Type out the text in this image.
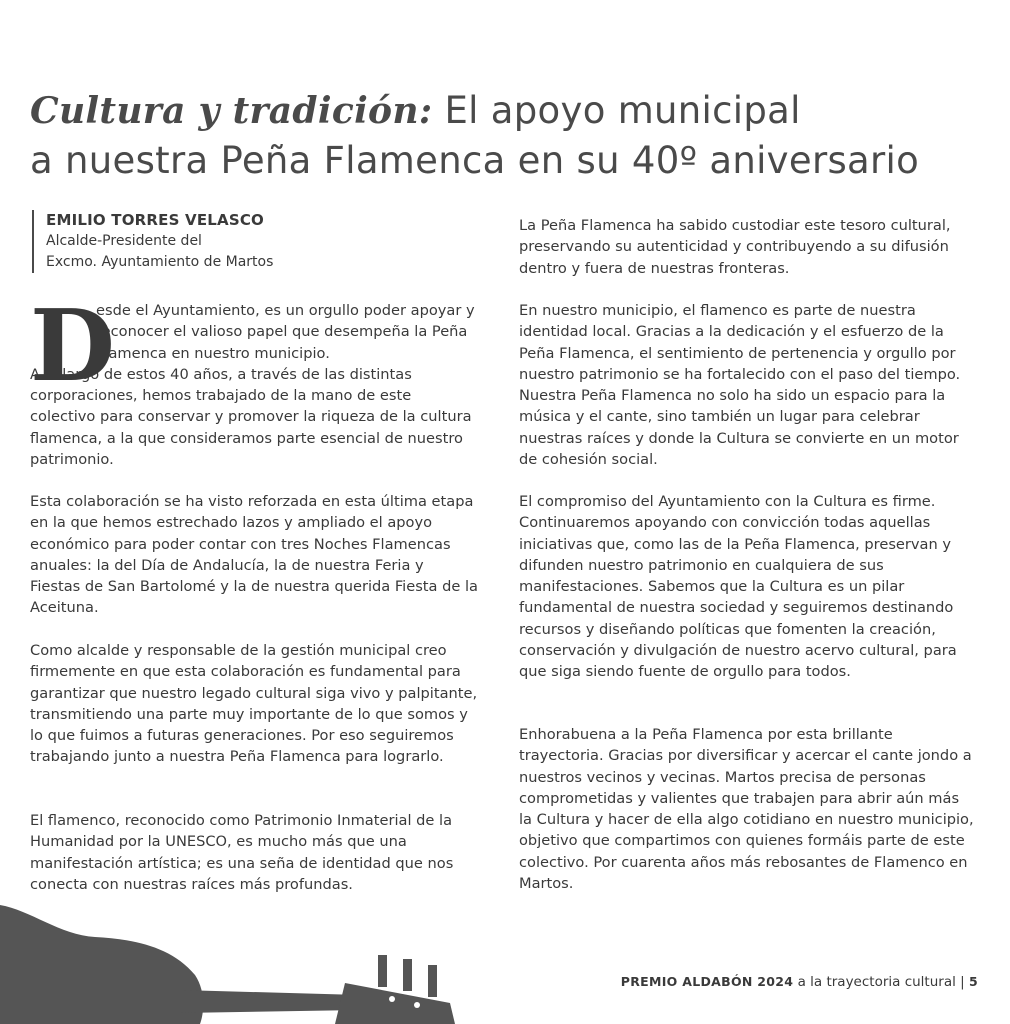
Cultura y tradición: El apoyo municipal
a nuestra Peña Flamenca en su 40º aniversario
EMILIO TORRES VELASCO
Alcalde-Presidente del
Excmo. Ayuntamiento de Martos
D
esde el Ayuntamiento, es un orgullo poder apoyar y reconocer el valioso papel que desempeña la Peña Flamenca en nuestro municipio.
A lo largo de estos 40 años, a través de las distintas corporaciones, hemos trabajado de la mano de este colectivo para conservar y promover la riqueza de la cultura flamenca, a la que consideramos parte esencial de nuestro patrimonio.

Esta colaboración se ha visto reforzada en esta última etapa en la que hemos estrechado lazos y ampliado el apoyo económico para poder contar con tres Noches Flamencas anuales: la del Día de Andalucía, la de nuestra Feria y Fiestas de San Bartolomé y la de nuestra querida Fiesta de la Aceituna.

Como alcalde y responsable de la gestión municipal creo firmemente en que esta colaboración es fundamental para garantizar que nuestro legado cultural siga vivo y palpitante, transmitiendo una parte muy importante de lo que somos y lo que fuimos a futuras generaciones. Por eso seguiremos trabajando junto a nuestra Peña Flamenca para lograrlo.

El flamenco, reconocido como Patrimonio Inmaterial de la Humanidad por la UNESCO, es mucho más que una manifestación artística; es una seña de identidad que nos conecta con nuestras raíces más profundas.

La Peña Flamenca ha sabido custodiar este tesoro cultural, preservando su autenticidad y contribuyendo a su difusión dentro y fuera de nuestras fronteras.

En nuestro municipio, el flamenco es parte de nuestra identidad local. Gracias a la dedicación y el esfuerzo de la Peña Flamenca, el sentimiento de pertenencia y orgullo por nuestro patrimonio se ha fortalecido con el paso del tiempo. Nuestra Peña Flamenca no solo ha sido un espacio para la música y el cante, sino también un lugar para celebrar nuestras raíces y donde la Cultura se convierte en un motor de cohesión social.

El compromiso del Ayuntamiento con la Cultura es firme. Continuaremos apoyando con convicción todas aquellas iniciativas que, como las de la Peña Flamenca, preservan y difunden nuestro patrimonio en cualquiera de sus manifestaciones. Sabemos que la Cultura es un pilar fundamental de nuestra sociedad y seguiremos destinando recursos y diseñando políticas que fomenten la creación, conservación y divulgación de nuestro acervo cultural, para que siga siendo fuente de orgullo para todos.

Enhorabuena a la Peña Flamenca por esta brillante trayectoria. Gracias por diversificar y acercar el cante jondo a nuestros vecinos y vecinas. Martos precisa de personas comprometidas y valientes que trabajen para abrir aún más la Cultura y hacer de ella algo cotidiano en nuestro municipio, objetivo que compartimos con quienes formáis parte de este colectivo. Por cuarenta años más rebosantes de Flamenco en Martos.

PREMIO ALDABÓN 2024 a la trayectoria cultural | 5
